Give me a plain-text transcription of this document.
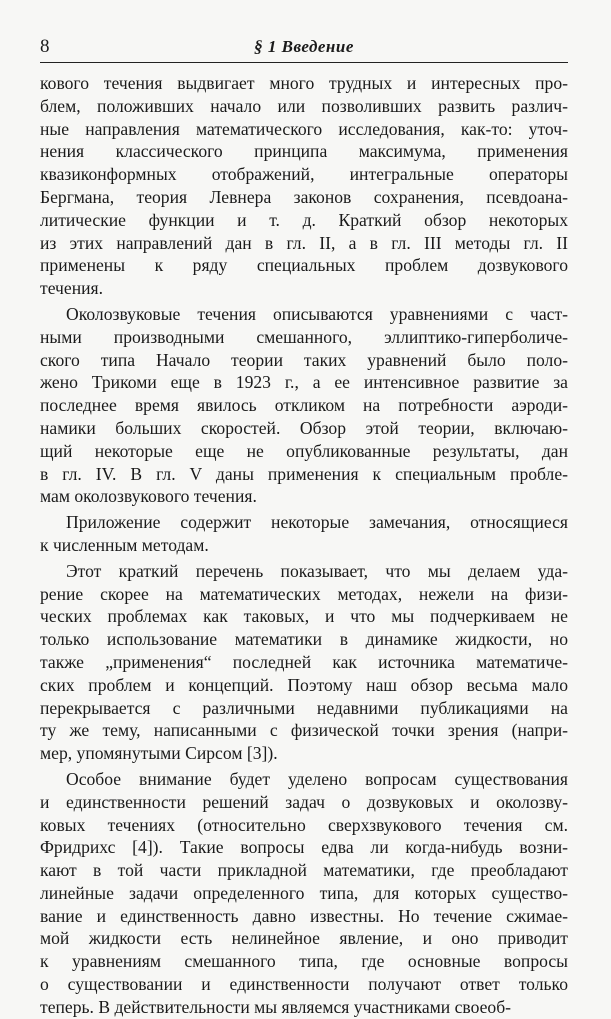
8	§ 1 Введение
кового течения выдвигает много трудных и интересных про-
блем, положивших начало или позволивших развить различ-
ные направления математического исследования, как-то: уточ-
нения классического принципа максимума, применения
квазиконформных отображений, интегральные операторы
Бергмана, теория Левнера законов сохранения, псевдоана-
литические функции и т. д. Краткий обзор некоторых
из этих направлений дан в гл. II, а в гл. III методы гл. II
применены к ряду специальных проблем дозвукового
течения.
Околозвуковые течения описываются уравнениями с част-
ными производными смешанного, эллиптико-гиперболиче-
ского типа Начало теории таких уравнений было поло-
жено Трикоми еще в 1923 г., а ее интенсивное развитие за
последнее время явилось откликом на потребности аэроди-
намики больших скоростей. Обзор этой теории, включаю-
щий некоторые еще не опубликованные результаты, дан
в гл. IV. В гл. V даны применения к специальным пробле-
мам околозвукового течения.
Приложение содержит некоторые замечания, относящиеся
к численным методам.
Этот краткий перечень показывает, что мы делаем уда-
рение скорее на математических методах, нежели на физи-
ческих проблемах как таковых, и что мы подчеркиваем не
только использование математики в динамике жидкости, но
также „применения“ последней как источника математиче-
ских проблем и концепций. Поэтому наш обзор весьма мало
перекрывается с различными недавними публикациями на
ту же тему, написанными с физической точки зрения (напри-
мер, упомянутыми Сирсом [3]).
Особое внимание будет уделено вопросам существования
и единственности решений задач о дозвуковых и околозву-
ковых течениях (относительно сверхзвукового течения см.
Фридрихс [4]). Такие вопросы едва ли когда-нибудь возни-
кают в той части прикладной математики, где преобладают
линейные задачи определенного типа, для которых существо-
вание и единственность давно известны. Но течение сжимае-
мой жидкости есть нелинейное явление, и оно приводит
к уравнениям смешанного типа, где основные вопросы
о существовании и единственности получают ответ только
теперь. В действительности мы являемся участниками своеоб-
